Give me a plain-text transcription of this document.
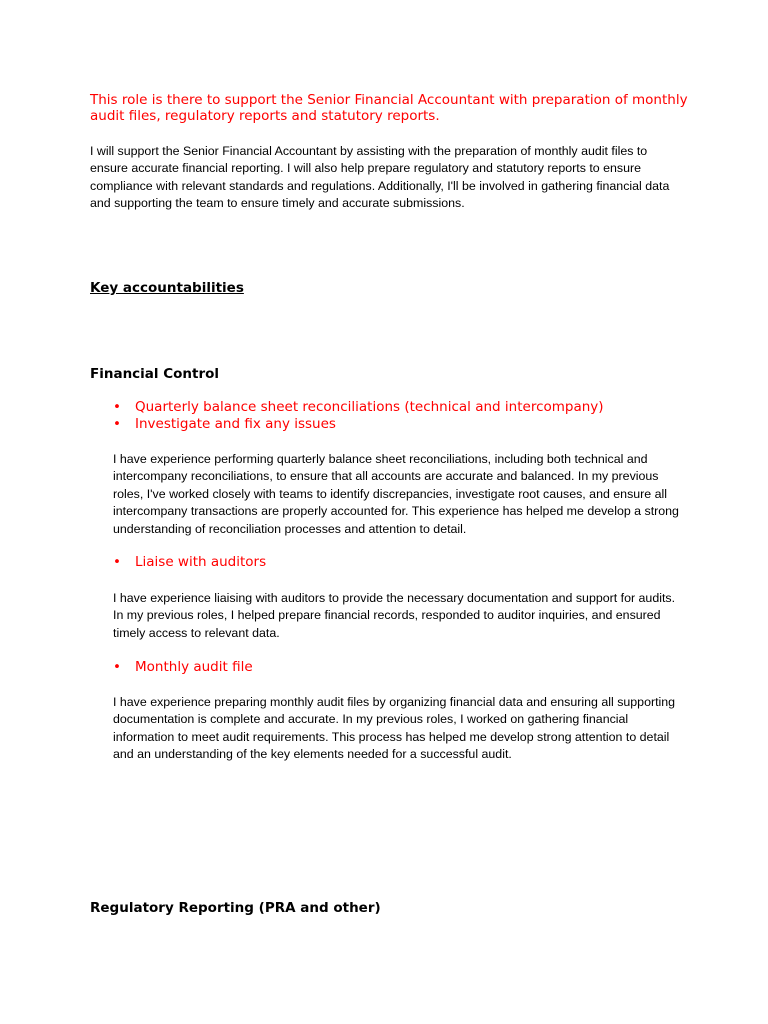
This role is there to support the Senior Financial Accountant with preparation of monthly audit files, regulatory reports and statutory reports.
I will support the Senior Financial Accountant by assisting with the preparation of monthly audit files to ensure accurate financial reporting. I will also help prepare regulatory and statutory reports to ensure compliance with relevant standards and regulations. Additionally, I'll be involved in gathering financial data and supporting the team to ensure timely and accurate submissions.
Key accountabilities
Financial Control
• Quarterly balance sheet reconciliations (technical and intercompany)
• Investigate and fix any issues
I have experience performing quarterly balance sheet reconciliations, including both technical and intercompany reconciliations, to ensure that all accounts are accurate and balanced. In my previous roles, I've worked closely with teams to identify discrepancies, investigate root causes, and ensure all intercompany transactions are properly accounted for. This experience has helped me develop a strong understanding of reconciliation processes and attention to detail.
• Liaise with auditors
I have experience liaising with auditors to provide the necessary documentation and support for audits. In my previous roles, I helped prepare financial records, responded to auditor inquiries, and ensured timely access to relevant data.
• Monthly audit file
I have experience preparing monthly audit files by organizing financial data and ensuring all supporting documentation is complete and accurate. In my previous roles, I worked on gathering financial information to meet audit requirements. This process has helped me develop strong attention to detail and an understanding of the key elements needed for a successful audit.
Regulatory Reporting (PRA and other)
